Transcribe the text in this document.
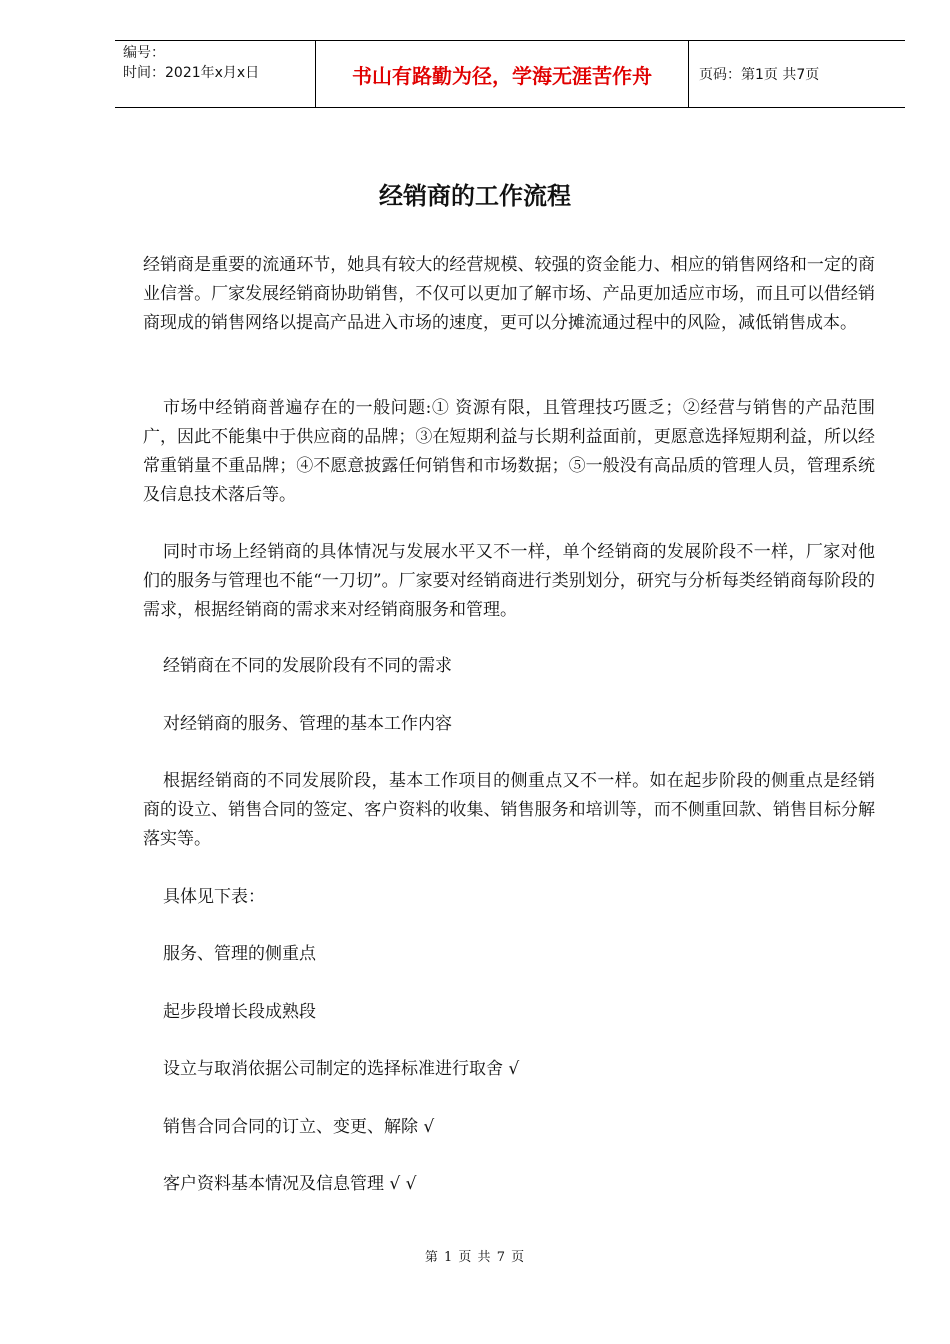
编号：
时间：2021年x月x日	书山有路勤为径，学海无涯苦作舟	页码：第1页 共7页
经销商的工作流程

经销商是重要的流通环节，她具有较大的经营规模、较强的资金能力、相应的销售网络和一定的商业信誉。厂家发展经销商协助销售，不仅可以更加了解市场、产品更加适应市场，而且可以借经销商现成的销售网络以提高产品进入市场的速度，更可以分摊流通过程中的风险，减低销售成本。

市场中经销商普遍存在的一般问题:① 资源有限，且管理技巧匮乏；②经营与销售的产品范围广，因此不能集中于供应商的品牌；③在短期利益与长期利益面前，更愿意选择短期利益，所以经常重销量不重品牌；④不愿意披露任何销售和市场数据；⑤一般没有高品质的管理人员，管理系统及信息技术落后等。

同时市场上经销商的具体情况与发展水平又不一样，单个经销商的发展阶段不一样，厂家对他们的服务与管理也不能“一刀切”。厂家要对经销商进行类别划分，研究与分析每类经销商每阶段的需求，根据经销商的需求来对经销商服务和管理。

经销商在不同的发展阶段有不同的需求

对经销商的服务、管理的基本工作内容

根据经销商的不同发展阶段，基本工作项目的侧重点又不一样。如在起步阶段的侧重点是经销商的设立、销售合同的签定、客户资料的收集、销售服务和培训等，而不侧重回款、销售目标分解落实等。

具体见下表：

服务、管理的侧重点

起步段增长段成熟段

设立与取消依据公司制定的选择标准进行取舍 √

销售合同合同的订立、变更、解除 √

客户资料基本情况及信息管理 √ √

第 1 页 共 7 页
